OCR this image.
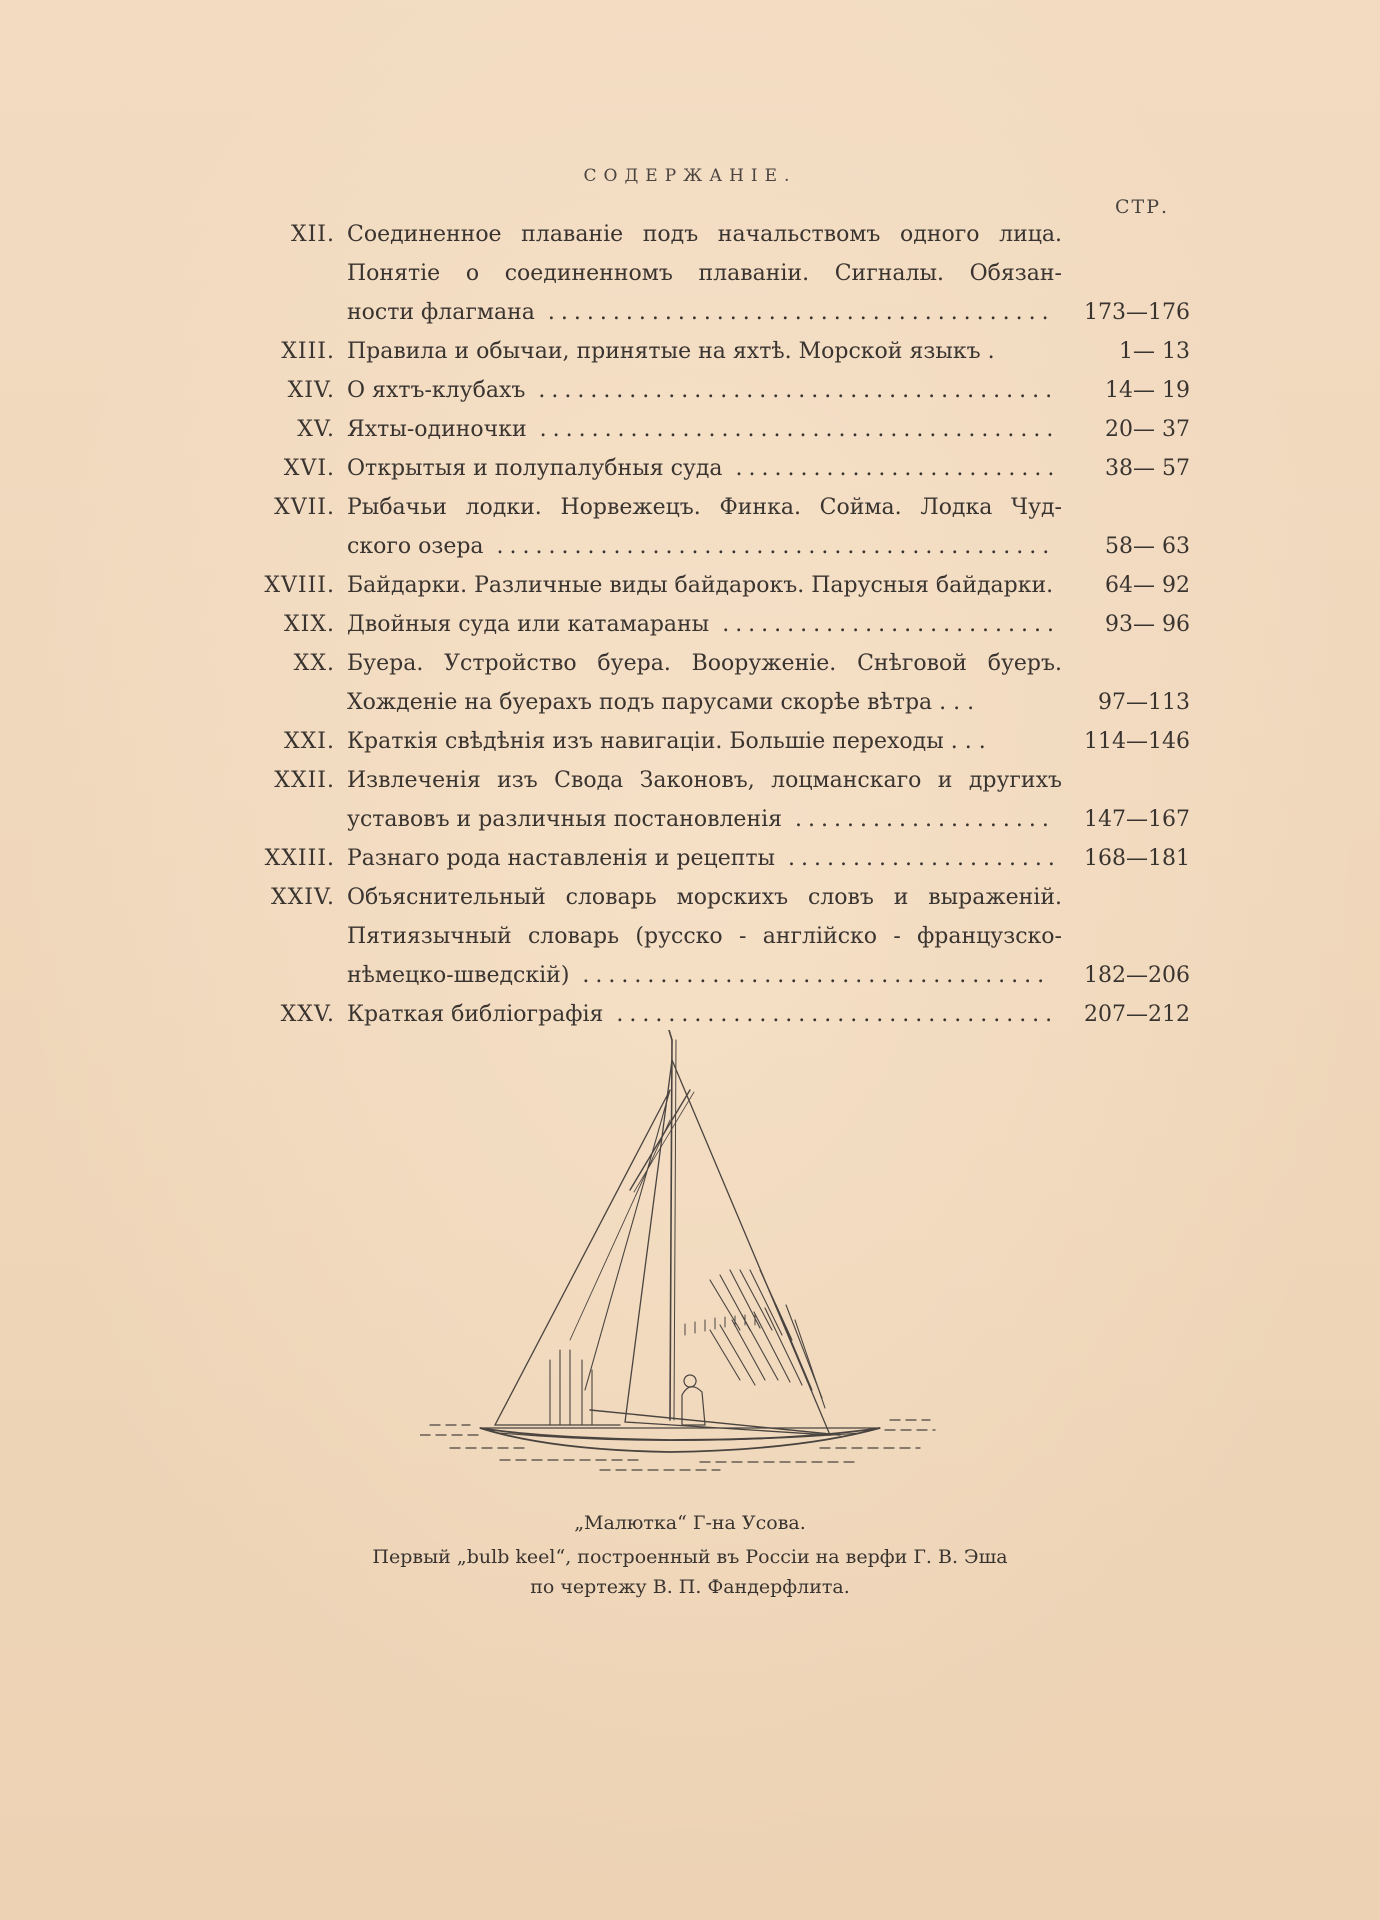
СОДЕРЖАНІЕ.
СТР.
XII. Соединенное плаваніе подъ начальствомъ одного лица.
Понятіе о соединенномъ плаваніи. Сигналы. Обязан-
ности флагмана .......................................	173—176
XIII. Правила и обычаи, принятые на яхтѣ. Морской языкъ .	1— 13
XIV. О яхтъ-клубахъ ........................................	14— 19
XV. Яхты-одиночки ........................................	20— 37
XVI. Открытыя и полупалубныя суда .........................	38— 57
XVII. Рыбачьи лодки. Норвежецъ. Финка. Сойма. Лодка Чуд-
ского озера ...........................................	58— 63
XVIII. Байдарки. Различные виды байдарокъ. Парусныя байдарки.	64— 92
XIX. Двойныя суда или катамараны ..........................	93— 96
XX. Буера. Устройство буера. Вооруженіе. Снѣговой буеръ.
Хожденіе на буерахъ подъ парусами скорѣе вѣтра . . .	97—113
XXI. Краткія свѣдѣнія изъ навигаціи. Большіе переходы . . .	114—146
XXII. Извлеченія изъ Свода Законовъ, лоцманскаго и другихъ
уставовъ и различныя постановленія ....................	147—167
XXIII. Разнаго рода наставленія и рецепты .....................	168—181
XXIV. Объяснительный словарь морскихъ словъ и выраженій.
Пятиязычный словарь (русско - англійско - французско-
нѣмецко-шведскій) ....................................	182—206
XXV. Краткая библіографія ..................................	207—212
„Малютка“ Г-на Усова.
Первый „bulb keel“, построенный въ Россіи на верфи Г. В. Эша
по чертежу В. П. Фандерфлита.
